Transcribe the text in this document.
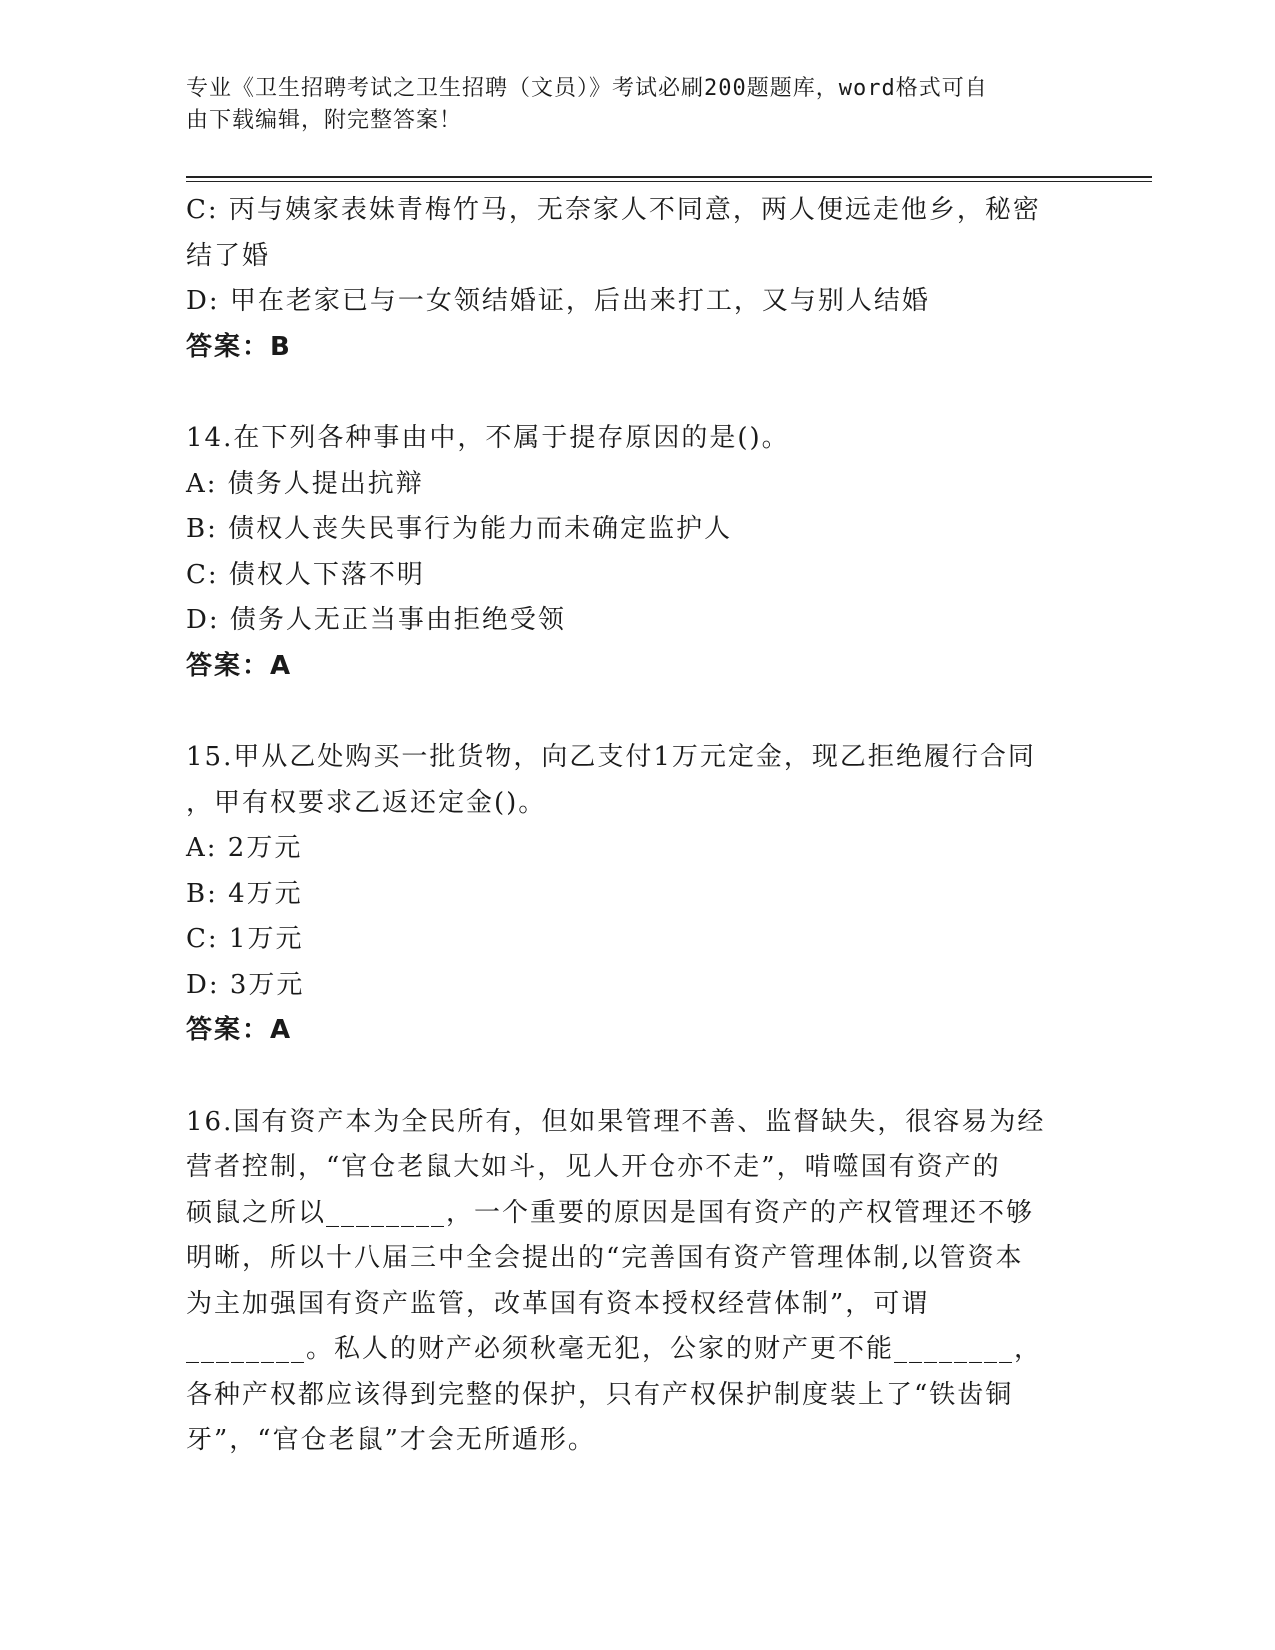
专业《卫生招聘考试之卫生招聘（文员）》考试必刷200题题库，word格式可自
由下载编辑，附完整答案！
C: 丙与姨家表妹青梅竹马，无奈家人不同意，两人便远走他乡，秘密
结了婚
D: 甲在老家已与一女领结婚证，后出来打工，又与别人结婚
答案：B
14.在下列各种事由中，不属于提存原因的是()。
A: 债务人提出抗辩
B: 债权人丧失民事行为能力而未确定监护人
C: 债权人下落不明
D: 债务人无正当事由拒绝受领
答案：A
15.甲从乙处购买一批货物，向乙支付1万元定金，现乙拒绝履行合同
，甲有权要求乙返还定金()。
A: 2万元
B: 4万元
C: 1万元
D: 3万元
答案：A
16.国有资产本为全民所有，但如果管理不善、监督缺失，很容易为经
营者控制，“官仓老鼠大如斗，见人开仓亦不走”，啃噬国有资产的
硕鼠之所以________，一个重要的原因是国有资产的产权管理还不够
明晰，所以十八届三中全会提出的“完善国有资产管理体制,以管资本
为主加强国有资产监管，改革国有资本授权经营体制”，可谓
________。私人的财产必须秋毫无犯，公家的财产更不能________，
各种产权都应该得到完整的保护，只有产权保护制度装上了“铁齿铜
牙”，“官仓老鼠”才会无所遁形。
